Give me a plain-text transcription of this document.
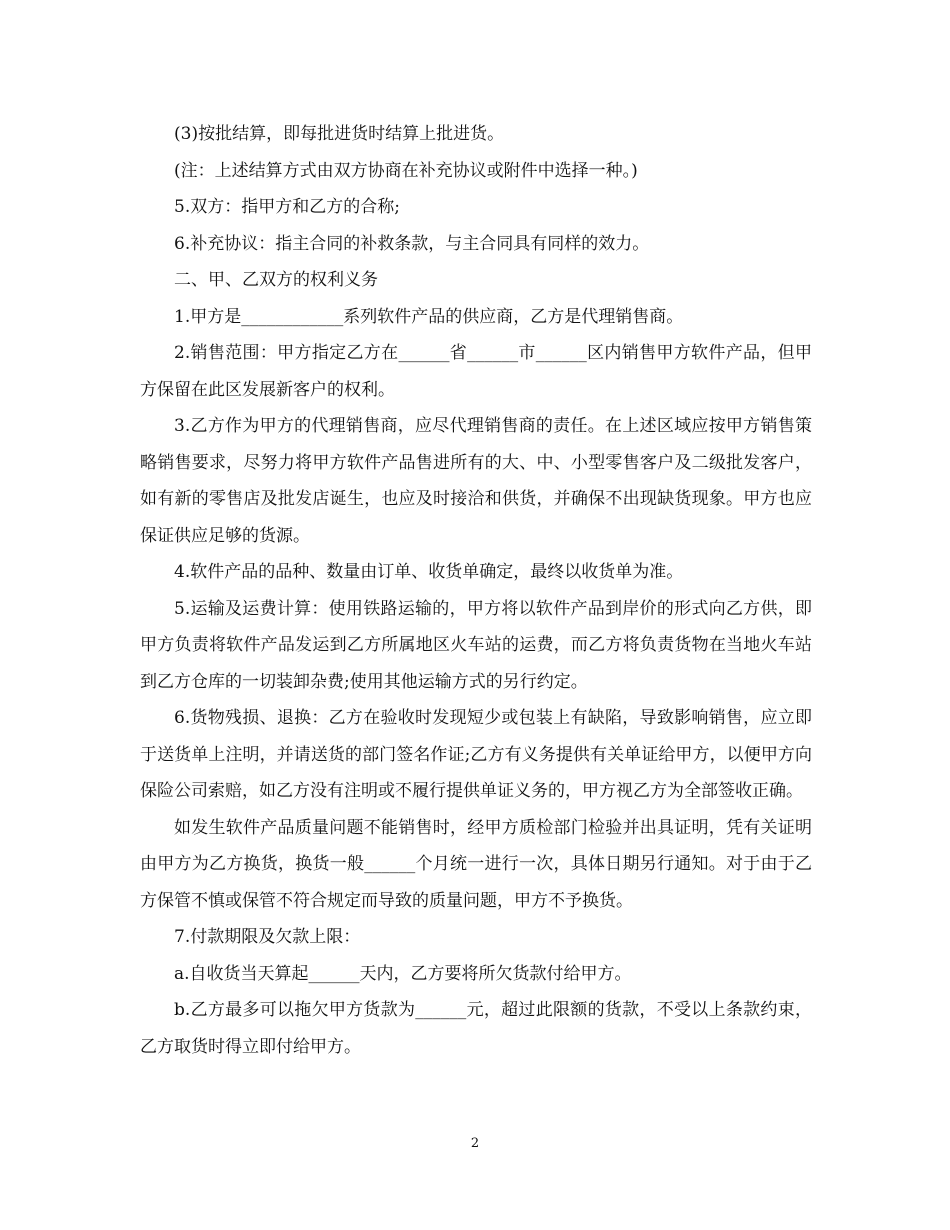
(3)按批结算，即每批进货时结算上批进货。

(注：上述结算方式由双方协商在补充协议或附件中选择一种。)

5.双方：指甲方和乙方的合称;

6.补充协议：指主合同的补救条款，与主合同具有同样的效力。

二、甲、乙双方的权利义务

1.甲方是____________系列软件产品的供应商，乙方是代理销售商。

2.销售范围：甲方指定乙方在______省______市______区内销售甲方软件产品，但甲方保留在此区发展新客户的权利。

3.乙方作为甲方的代理销售商，应尽代理销售商的责任。在上述区域应按甲方销售策略销售要求，尽努力将甲方软件产品售进所有的大、中、小型零售客户及二级批发客户，如有新的零售店及批发店诞生，也应及时接洽和供货，并确保不出现缺货现象。甲方也应保证供应足够的货源。

4.软件产品的品种、数量由订单、收货单确定，最终以收货单为准。

5.运输及运费计算：使用铁路运输的，甲方将以软件产品到岸价的形式向乙方供，即甲方负责将软件产品发运到乙方所属地区火车站的运费，而乙方将负责货物在当地火车站到乙方仓库的一切装卸杂费;使用其他运输方式的另行约定。

6.货物残损、退换：乙方在验收时发现短少或包装上有缺陷，导致影响销售，应立即于送货单上注明，并请送货的部门签名作证;乙方有义务提供有关单证给甲方，以便甲方向保险公司索赔，如乙方没有注明或不履行提供单证义务的，甲方视乙方为全部签收正确。

如发生软件产品质量问题不能销售时，经甲方质检部门检验并出具证明，凭有关证明由甲方为乙方换货，换货一般______个月统一进行一次，具体日期另行通知。对于由于乙方保管不慎或保管不符合规定而导致的质量问题，甲方不予换货。

7.付款期限及欠款上限：

a.自收货当天算起______天内，乙方要将所欠货款付给甲方。

b.乙方最多可以拖欠甲方货款为______元，超过此限额的货款，不受以上条款约束，乙方取货时得立即付给甲方。

2
